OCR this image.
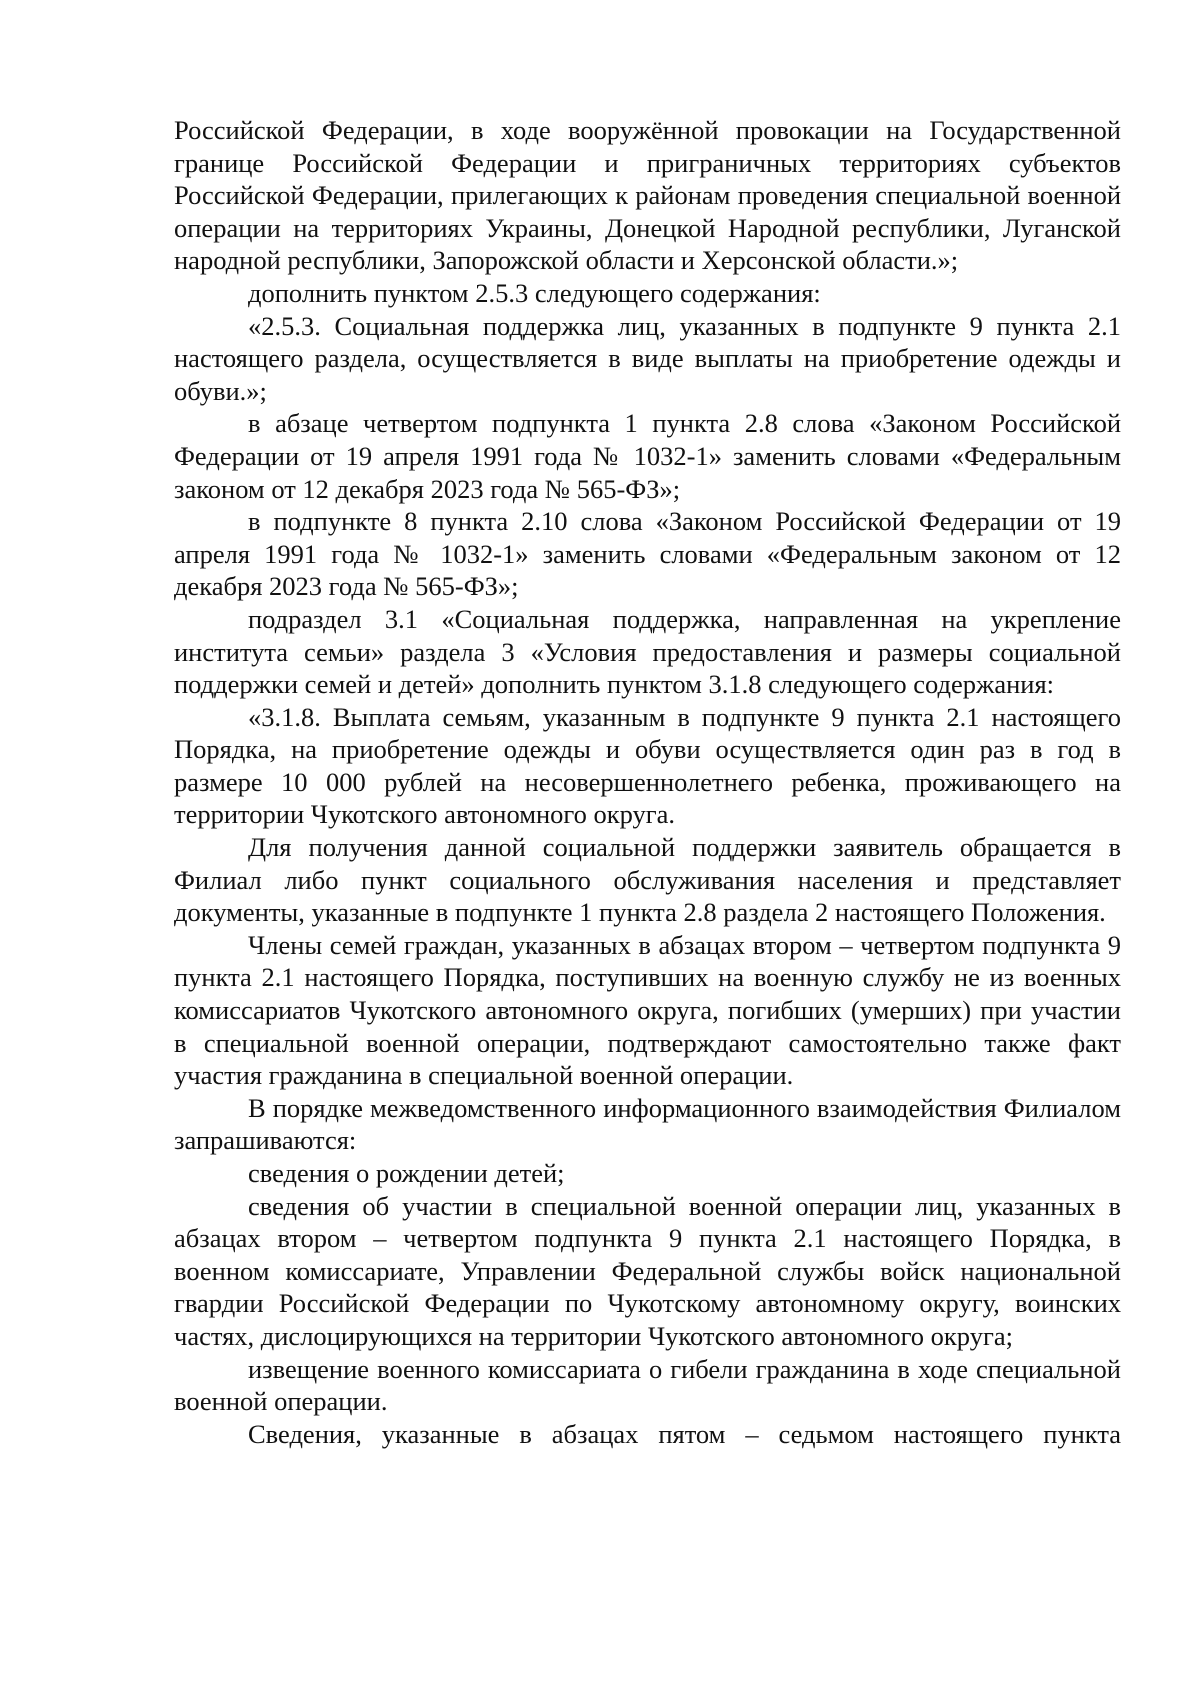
Российской Федерации, в ходе вооружённой провокации на Государственной границе Российской Федерации и приграничных территориях субъектов Российской Федерации, прилегающих к районам проведения специальной военной операции на территориях Украины, Донецкой Народной республики, Луганской народной республики, Запорожской области и Херсонской области.»;

дополнить пунктом 2.5.3 следующего содержания:

«2.5.3. Социальная поддержка лиц, указанных в подпункте 9 пункта 2.1 настоящего раздела, осуществляется в виде выплаты на приобретение одежды и обуви.»;

в абзаце четвертом подпункта 1 пункта 2.8 слова «Законом Российской Федерации от 19 апреля 1991 года № 1032-1» заменить словами «Федеральным законом от 12 декабря 2023 года № 565-ФЗ»;

в подпункте 8 пункта 2.10 слова «Законом Российской Федерации от 19 апреля 1991 года № 1032-1» заменить словами «Федеральным законом от 12 декабря 2023 года № 565-ФЗ»;

подраздел 3.1 «Социальная поддержка, направленная на укрепление института семьи» раздела 3 «Условия предоставления и размеры социальной поддержки семей и детей» дополнить пунктом 3.1.8 следующего содержания:

«3.1.8. Выплата семьям, указанным в подпункте 9 пункта 2.1 настоящего Порядка, на приобретение одежды и обуви осуществляется один раз в год в размере 10 000 рублей на несовершеннолетнего ребенка, проживающего на территории Чукотского автономного округа.

Для получения данной социальной поддержки заявитель обращается в Филиал либо пункт социального обслуживания населения и представляет документы, указанные в подпункте 1 пункта 2.8 раздела 2 настоящего Положения.

Члены семей граждан, указанных в абзацах втором – четвертом подпункта 9 пункта 2.1 настоящего Порядка, поступивших на военную службу не из военных комиссариатов Чукотского автономного округа, погибших (умерших) при участии в специальной военной операции, подтверждают самостоятельно также факт участия гражданина в специальной военной операции.

В порядке межведомственного информационного взаимодействия Филиалом запрашиваются:

сведения о рождении детей;

сведения об участии в специальной военной операции лиц, указанных в абзацах втором – четвертом подпункта 9 пункта 2.1 настоящего Порядка, в военном комиссариате, Управлении Федеральной службы войск национальной гвардии Российской Федерации по Чукотскому автономному округу, воинских частях, дислоцирующихся на территории Чукотского автономного округа;

извещение военного комиссариата о гибели гражданина в ходе специальной военной операции.

Сведения, указанные в абзацах пятом – седьмом настоящего пункта
